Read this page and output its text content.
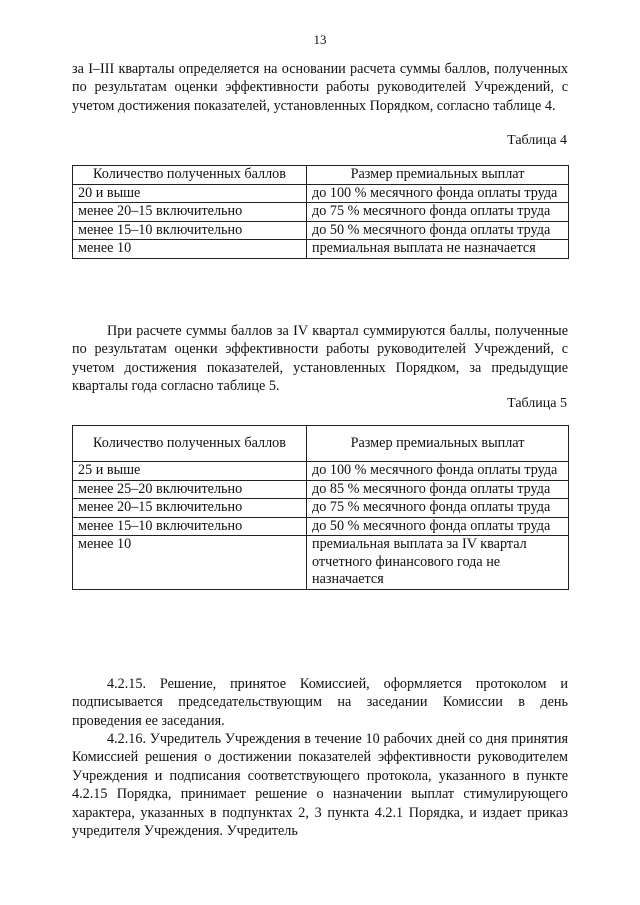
13

за I–III кварталы определяется на основании расчета суммы баллов, полученных по результатам оценки эффективности работы руководителей Учреждений, с учетом достижения показателей, установленных Порядком, согласно таблице 4.

Таблица 4
Количество полученных баллов	Размер премиальных выплат
20 и выше	до 100 % месячного фонда оплаты труда
менее 20–15 включительно	до 75 % месячного фонда оплаты труда
менее 15–10 включительно	до 50 % месячного фонда оплаты труда
менее 10	премиальная выплата не назначается

При расчете суммы баллов за IV квартал суммируются баллы, полученные по результатам оценки эффективности работы руководителей Учреждений, с учетом достижения показателей, установленных Порядком, за предыдущие кварталы года согласно таблице 5.

Таблица 5
Количество полученных баллов	Размер премиальных выплат
25 и выше	до 100 % месячного фонда оплаты труда
менее 25–20 включительно	до 85 % месячного фонда оплаты труда
менее 20–15 включительно	до 75 % месячного фонда оплаты труда
менее 15–10 включительно	до 50 % месячного фонда оплаты труда
менее 10	премиальная выплата за IV квартал отчетного финансового года не назначается

4.2.15. Решение, принятое Комиссией, оформляется протоколом и подписывается председательствующим на заседании Комиссии в день проведения ее заседания.

4.2.16. Учредитель Учреждения в течение 10 рабочих дней со дня принятия Комиссией решения о достижении показателей эффективности руководителем Учреждения и подписания соответствующего протокола, указанного в пункте 4.2.15 Порядка, принимает решение о назначении выплат стимулирующего характера, указанных в подпунктах 2, 3 пункта 4.2.1 Порядка, и издает приказ учредителя Учреждения. Учредитель
